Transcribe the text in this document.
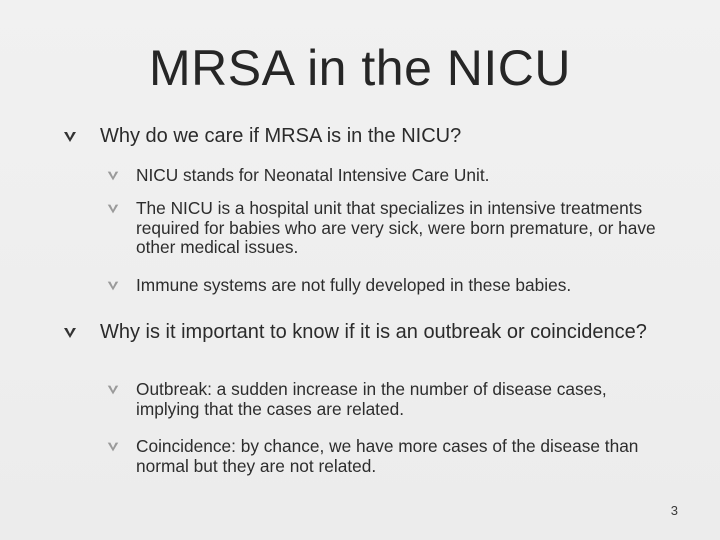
MRSA in the NICU
Why do we care if MRSA is in the NICU?
NICU stands for Neonatal Intensive Care Unit.
The NICU is a hospital unit that specializes in intensive treatments required for babies who are very sick, were born premature, or have other medical issues.
Immune systems are not fully developed in these babies.
Why is it important to know if it is an outbreak or coincidence?
Outbreak: a sudden increase in the number of disease cases, implying that the cases are related.
Coincidence: by chance, we have more cases of the disease than normal but they are not related.
3
